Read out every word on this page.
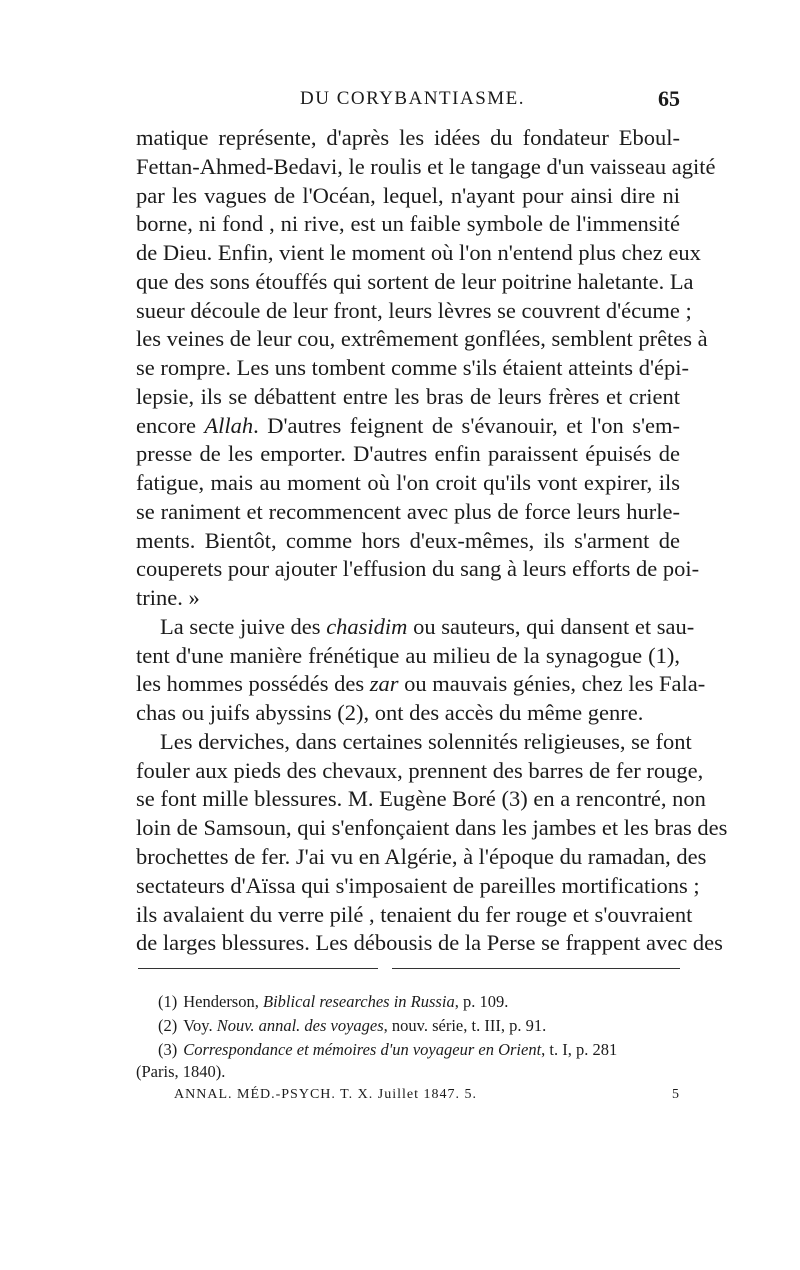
DU CORYBANTIASME.	65
matique représente, d'après les idées du fondateur Eboul-
Fettan-Ahmed-Bedavi, le roulis et le tangage d'un vaisseau agité
par les vagues de l'Océan, lequel, n'ayant pour ainsi dire ni
borne, ni fond , ni rive, est un faible symbole de l'immensité
de Dieu. Enfin, vient le moment où l'on n'entend plus chez eux
que des sons étouffés qui sortent de leur poitrine haletante. La
sueur découle de leur front, leurs lèvres se couvrent d'écume ;
les veines de leur cou, extrêmement gonflées, semblent prêtes à
se rompre. Les uns tombent comme s'ils étaient atteints d'épi-
lepsie, ils se débattent entre les bras de leurs frères et crient
encore Allah. D'autres feignent de s'évanouir, et l'on s'em-
presse de les emporter. D'autres enfin paraissent épuisés de
fatigue, mais au moment où l'on croit qu'ils vont expirer, ils
se raniment et recommencent avec plus de force leurs hurle-
ments. Bientôt, comme hors d'eux-mêmes, ils s'arment de
couperets pour ajouter l'effusion du sang à leurs efforts de poi-
trine. »
La secte juive des chasidim ou sauteurs, qui dansent et sau-
tent d'une manière frénétique au milieu de la synagogue (1),
les hommes possédés des zar ou mauvais génies, chez les Fala-
chas ou juifs abyssins (2), ont des accès du même genre.
Les derviches, dans certaines solennités religieuses, se font
fouler aux pieds des chevaux, prennent des barres de fer rouge,
se font mille blessures. M. Eugène Boré (3) en a rencontré, non
loin de Samsoun, qui s'enfonçaient dans les jambes et les bras des
brochettes de fer. J'ai vu en Algérie, à l'époque du ramadan, des
sectateurs d'Aïssa qui s'imposaient de pareilles mortifications ;
ils avalaient du verre pilé , tenaient du fer rouge et s'ouvraient
de larges blessures. Les débousis de la Perse se frappent avec des
(1) Henderson, Biblical researches in Russia, p. 109.
(2) Voy. Nouv. annal. des voyages, nouv. série, t. III, p. 91.
(3) Correspondance et mémoires d'un voyageur en Orient, t. I, p. 281
(Paris, 1840).
ANNAL. MÉD.-PSYCH. T. X. Juillet 1847. 5.	5
